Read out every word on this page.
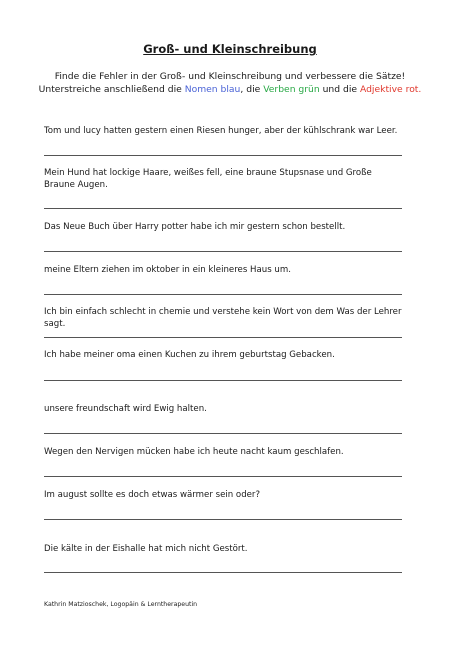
Groß- und Kleinschreibung
Finde die Fehler in der Groß- und Kleinschreibung und verbessere die Sätze!
Unterstreiche anschließend die Nomen blau, die Verben grün und die Adjektive rot.

Tom und lucy hatten gestern einen Riesen hunger, aber der kühlschrank war Leer.

Mein Hund hat lockige Haare, weißes fell, eine braune Stupsnase und Große Braune Augen.

Das Neue Buch über Harry potter habe ich mir gestern schon bestellt.

meine Eltern ziehen im oktober in ein kleineres Haus um.

Ich bin einfach schlecht in chemie und verstehe kein Wort von dem Was der Lehrer sagt.

Ich habe meiner oma einen Kuchen zu ihrem geburtstag Gebacken.

unsere freundschaft wird Ewig halten.

Wegen den Nervigen mücken habe ich heute nacht kaum geschlafen.

Im august sollte es doch etwas wärmer sein oder?

Die kälte in der Eishalle hat mich nicht Gestört.

Kathrin Matzioschek, Logopäin & Lerntherapeutin
